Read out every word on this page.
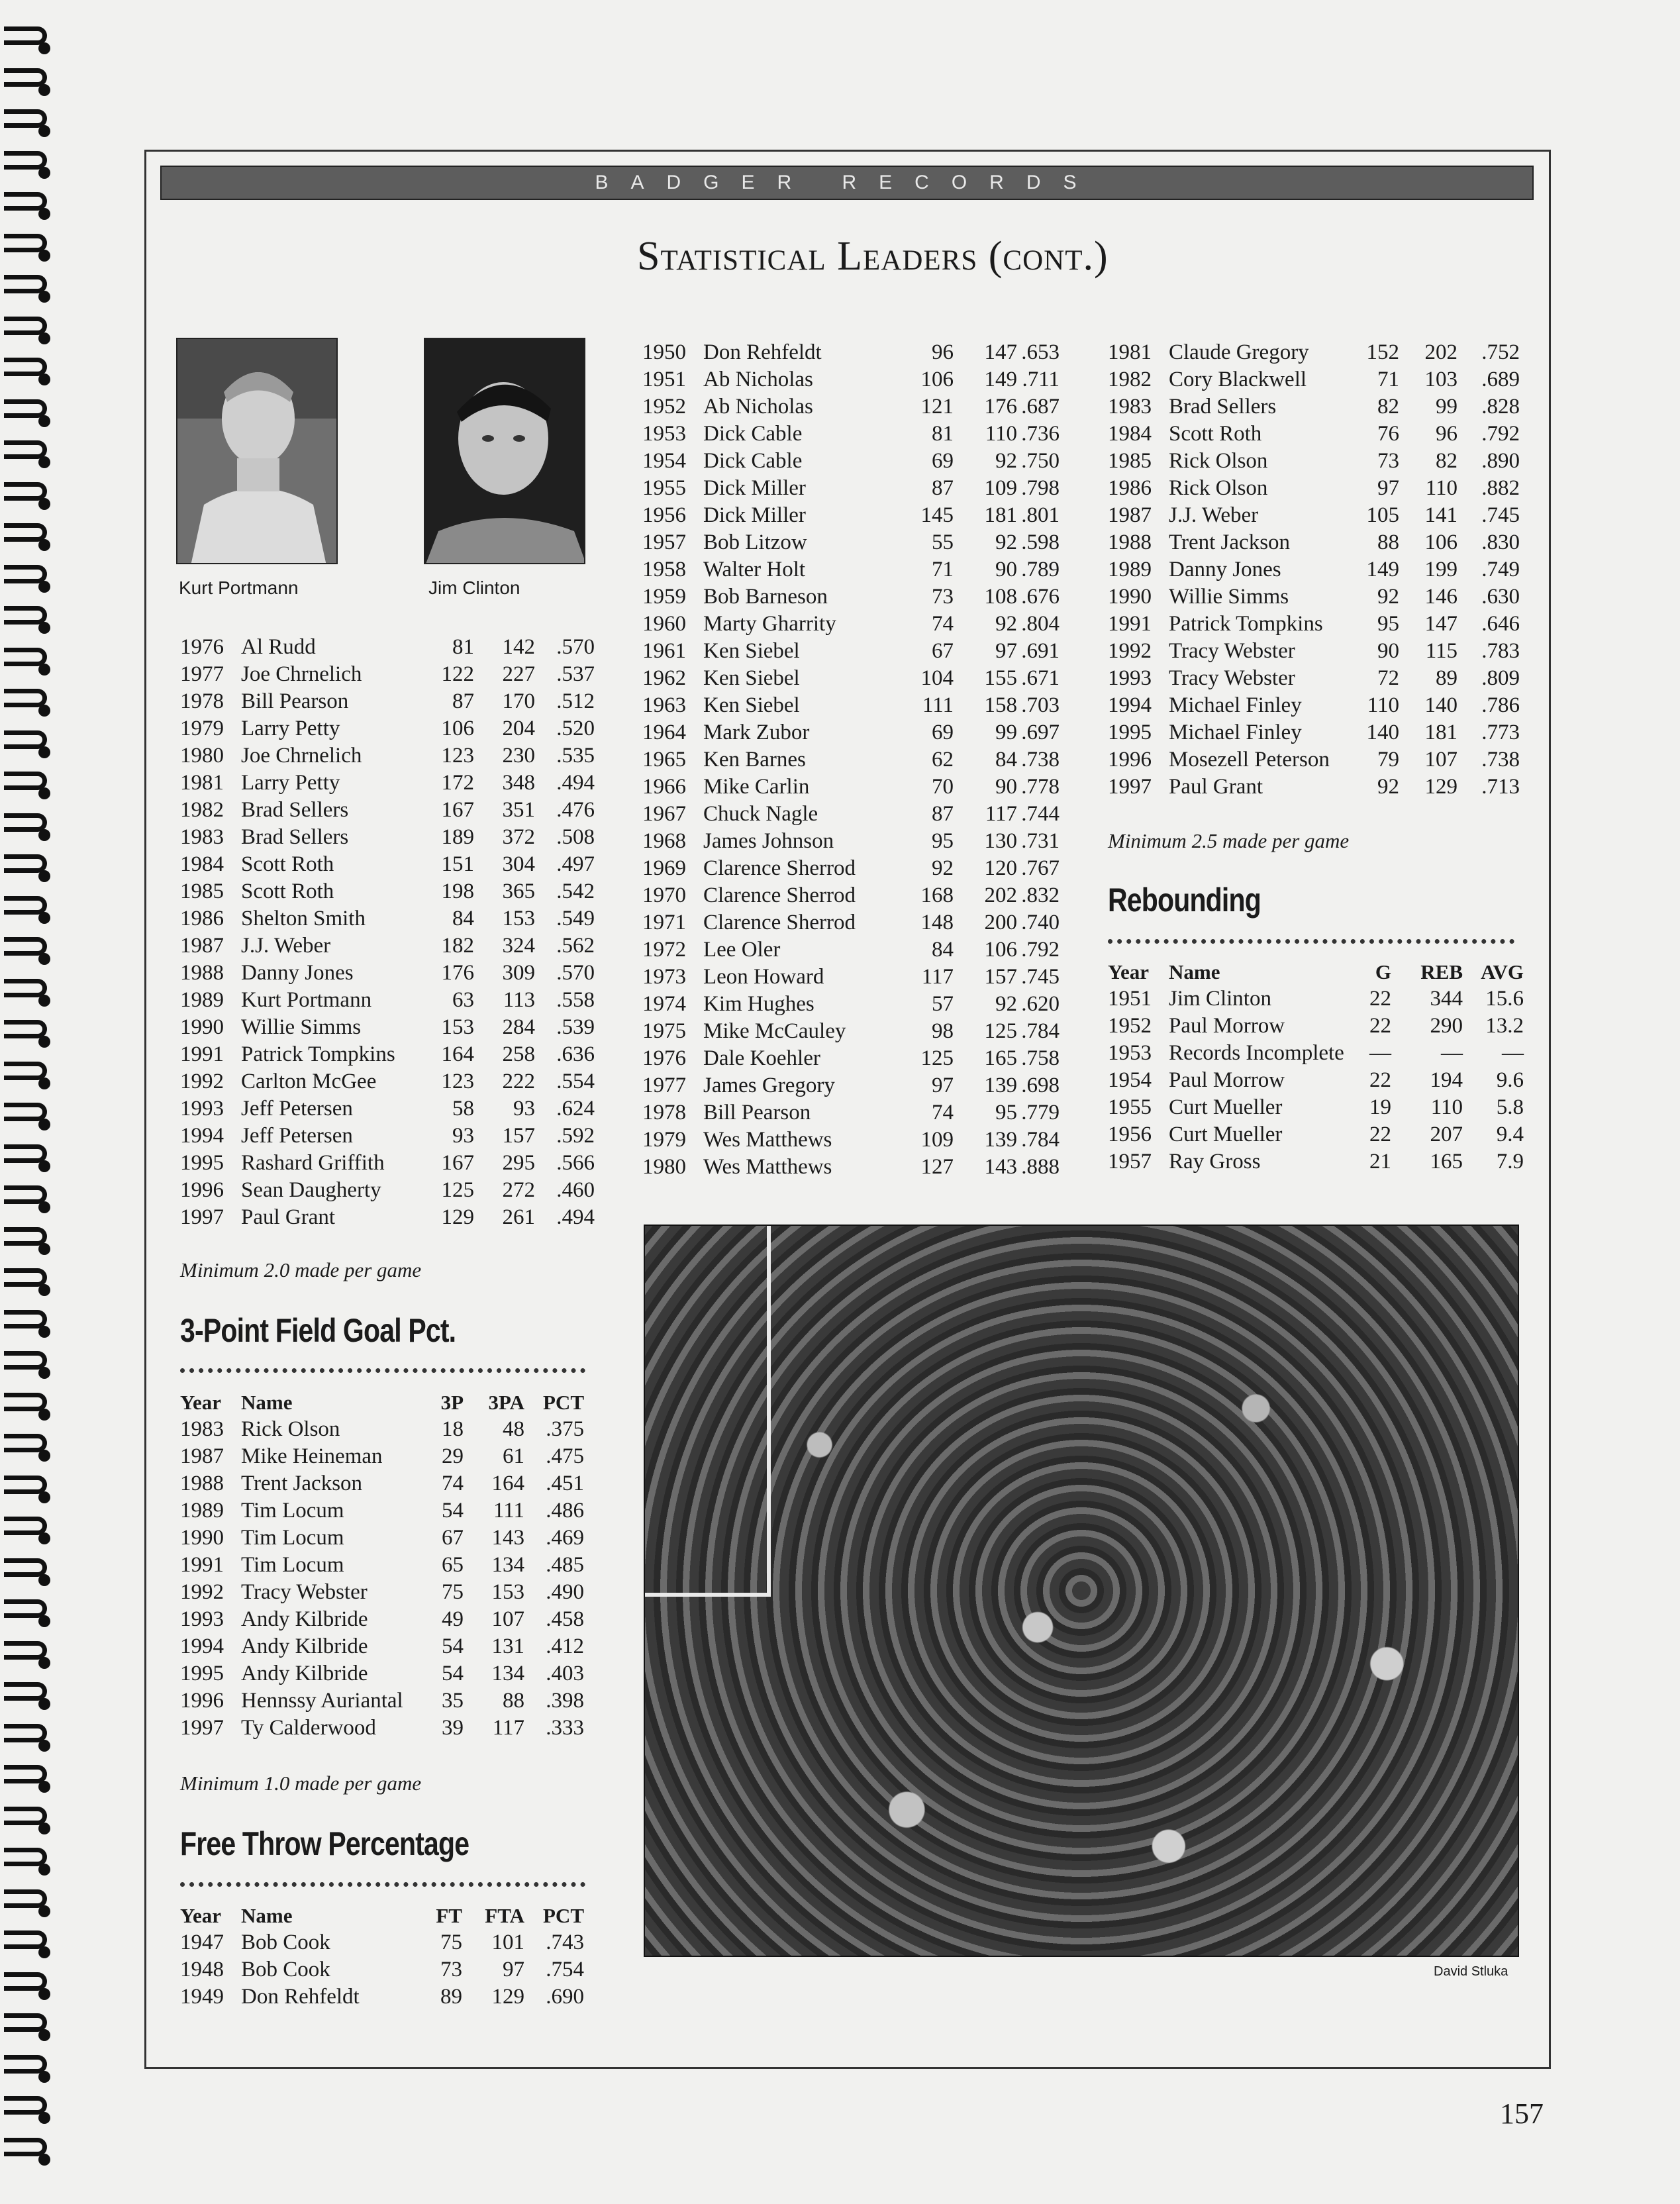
BADGER RECORDS
Statistical Leaders (cont.)
Kurt Portmann	Jim Clinton
1976 Al Rudd	81	142 .570
1977 Joe Chrnelich	122	227 .537
1978 Bill Pearson	87	170 .512
1979 Larry Petty	106	204 .520
1980 Joe Chrnelich	123	230 .535
1981 Larry Petty	172	348 .494
1982 Brad Sellers	167	351 .476
1983 Brad Sellers	189	372 .508
1984 Scott Roth	151	304 .497
1985 Scott Roth	198	365 .542
1986 Shelton Smith	84	153 .549
1987 J.J. Weber	182	324 .562
1988 Danny Jones	176	309 .570
1989 Kurt Portmann	63	113 .558
1990 Willie Simms	153	284 .539
1991 Patrick Tompkins	164	258 .636
1992 Carlton McGee	123	222 .554
1993 Jeff Petersen	58	93 .624
1994 Jeff Petersen	93	157 .592
1995 Rashard Griffith	167	295 .566
1996 Sean Daugherty	125	272 .460
1997 Paul Grant	129	261 .494
Minimum 2.0 made per game
3-Point Field Goal Pct.
Year Name	3P	3PA PCT
1983 Rick Olson	18	48 .375
1987 Mike Heineman	29	61 .475
1988 Trent Jackson	74	164 .451
1989 Tim Locum	54	111 .486
1990 Tim Locum	67	143 .469
1991 Tim Locum	65	134 .485
1992 Tracy Webster	75	153 .490
1993 Andy Kilbride	49	107 .458
1994 Andy Kilbride	54	131 .412
1995 Andy Kilbride	54	134 .403
1996 Hennssy Auriantal	35	88 .398
1997 Ty Calderwood	39	117 .333
Minimum 1.0 made per game
Free Throw Percentage
Year Name	FT	FTA PCT
1947 Bob Cook	75	101 .743
1948 Bob Cook	73	97 .754
1949 Don Rehfeldt	89	129 .690
1950 Don Rehfeldt	96	147 .653
1951 Ab Nicholas	106	149 .711
1952 Ab Nicholas	121	176 .687
1953 Dick Cable	81	110 .736
1954 Dick Cable	69	92 .750
1955 Dick Miller	87	109 .798
1956 Dick Miller	145	181 .801
1957 Bob Litzow	55	92 .598
1958 Walter Holt	71	90 .789
1959 Bob Barneson	73	108 .676
1960 Marty Gharrity	74	92 .804
1961 Ken Siebel	67	97 .691
1962 Ken Siebel	104	155 .671
1963 Ken Siebel	111	158 .703
1964 Mark Zubor	69	99 .697
1965 Ken Barnes	62	84 .738
1966 Mike Carlin	70	90 .778
1967 Chuck Nagle	87	117 .744
1968 James Johnson	95	130 .731
1969 Clarence Sherrod	92	120 .767
1970 Clarence Sherrod	168	202 .832
1971 Clarence Sherrod	148	200 .740
1972 Lee Oler	84	106 .792
1973 Leon Howard	117	157 .745
1974 Kim Hughes	57	92 .620
1975 Mike McCauley	98	125 .784
1976 Dale Koehler	125	165 .758
1977 James Gregory	97	139 .698
1978 Bill Pearson	74	95 .779
1979 Wes Matthews	109	139 .784
1980 Wes Matthews	127	143 .888
1981 Claude Gregory	152	202	.752
1982 Cory Blackwell	71	103	.689
1983 Brad Sellers	82	99	.828
1984 Scott Roth	76	96	.792
1985 Rick Olson	73	82	.890
1986 Rick Olson	97	110	.882
1987 J.J. Weber	105	141	.745
1988 Trent Jackson	88	106	.830
1989 Danny Jones	149	199	.749
1990 Willie Simms	92	146	.630
1991 Patrick Tompkins	95	147	.646
1992 Tracy Webster	90	115	.783
1993 Tracy Webster	72	89	.809
1994 Michael Finley	110	140	.786
1995 Michael Finley	140	181	.773
1996 Mosezell Peterson	79	107	.738
1997 Paul Grant	92	129	.713
Minimum 2.5 made per game
Rebounding
Year Name	G	REB AVG
1951 Jim Clinton	22	344	15.6
1952 Paul Morrow	22	290	13.2
1953 Records Incomplete	—	—	—
1954 Paul Morrow	22	194	9.6
1955 Curt Mueller	19	110	5.8
1956 Curt Mueller	22	207	9.4
1957 Ray Gross	21	165	7.9
David Stluka
157
